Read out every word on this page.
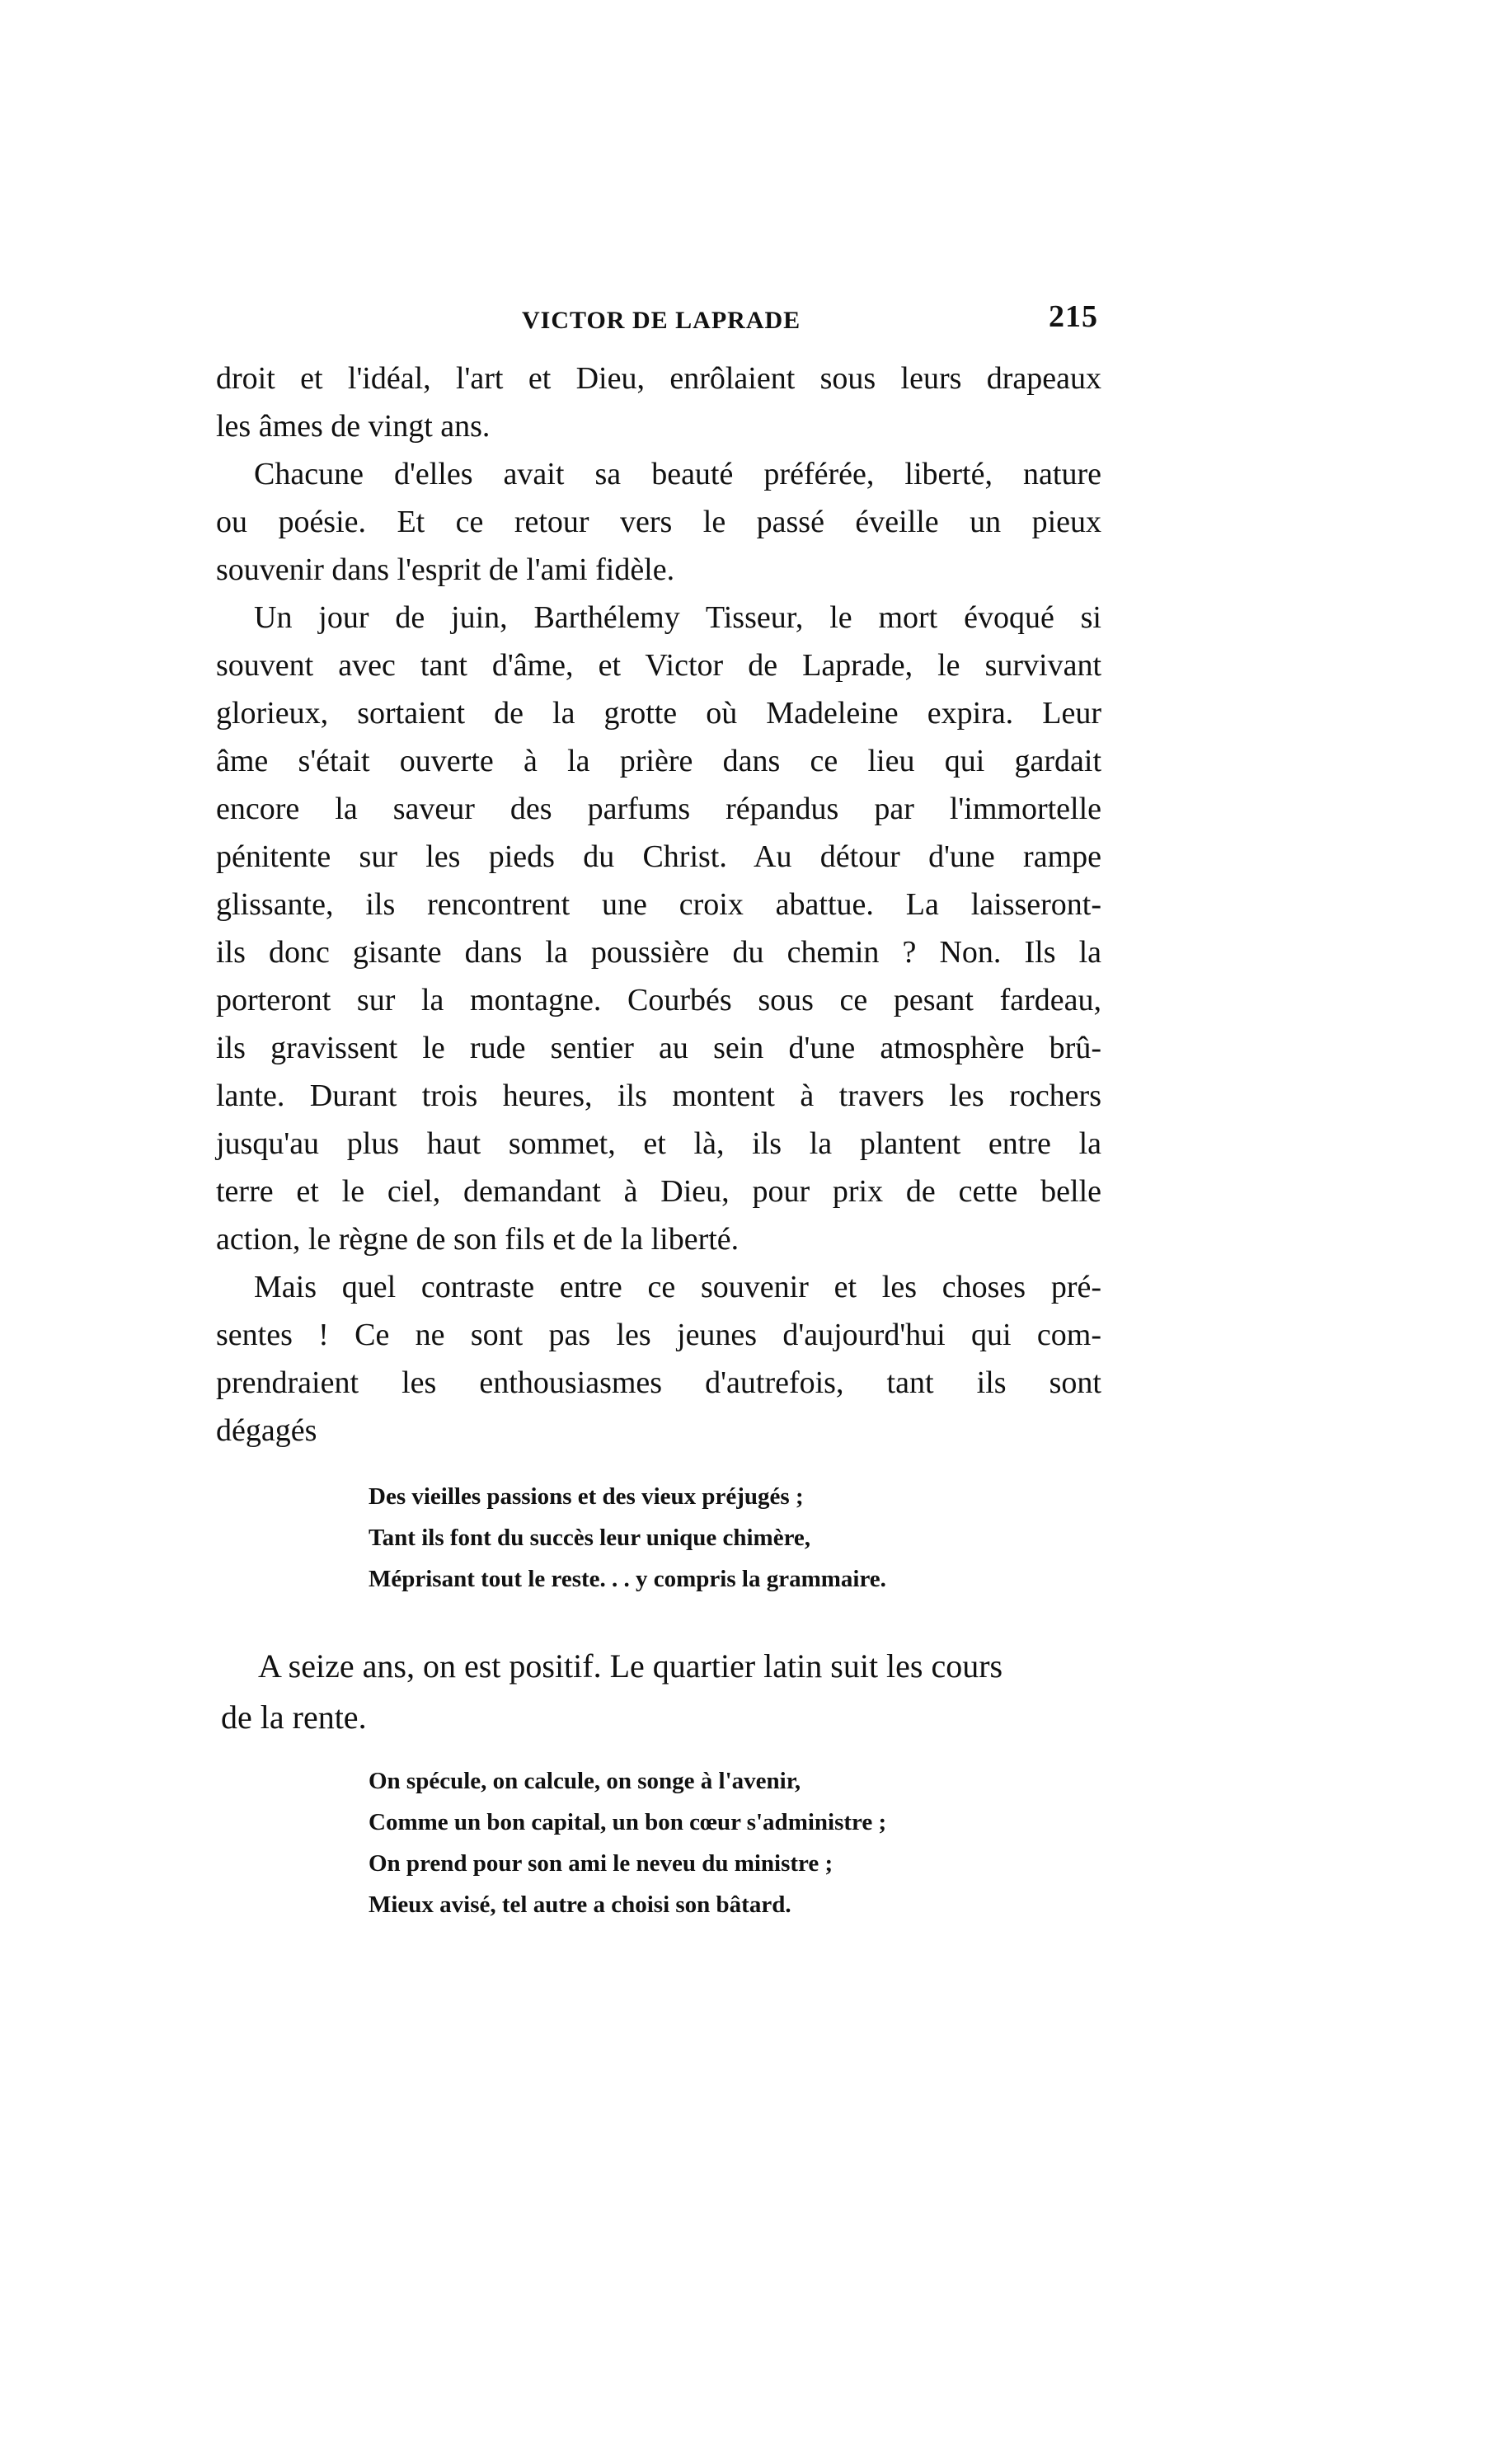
VICTOR DE LAPRADE	215
droit et l'idéal, l'art et Dieu, enrôlaient sous leurs drapeaux
les âmes de vingt ans.
Chacune d'elles avait sa beauté préférée, liberté, nature
ou poésie. Et ce retour vers le passé éveille un pieux
souvenir dans l'esprit de l'ami fidèle.
Un jour de juin, Barthélemy Tisseur, le mort évoqué si
souvent avec tant d'âme, et Victor de Laprade, le survivant
glorieux, sortaient de la grotte où Madeleine expira. Leur
âme s'était ouverte à la prière dans ce lieu qui gardait
encore la saveur des parfums répandus par l'immortelle
pénitente sur les pieds du Christ. Au détour d'une rampe
glissante, ils rencontrent une croix abattue. La laisseront-
ils donc gisante dans la poussière du chemin ? Non. Ils la
porteront sur la montagne. Courbés sous ce pesant fardeau,
ils gravissent le rude sentier au sein d'une atmosphère brû-
lante. Durant trois heures, ils montent à travers les rochers
jusqu'au plus haut sommet, et là, ils la plantent entre la
terre et le ciel, demandant à Dieu, pour prix de cette belle
action, le règne de son fils et de la liberté.
Mais quel contraste entre ce souvenir et les choses pré-
sentes ! Ce ne sont pas les jeunes d'aujourd'hui qui com-
prendraient les enthousiasmes d'autrefois, tant ils sont
dégagés
Des vieilles passions et des vieux préjugés ;
Tant ils font du succès leur unique chimère,
Méprisant tout le reste. . . y compris la grammaire.
A seize ans, on est positif. Le quartier latin suit les cours
de la rente.
On spécule, on calcule, on songe à l'avenir,
Comme un bon capital, un bon cœur s'administre ;
On prend pour son ami le neveu du ministre ;
Mieux avisé, tel autre a choisi son bâtard.
